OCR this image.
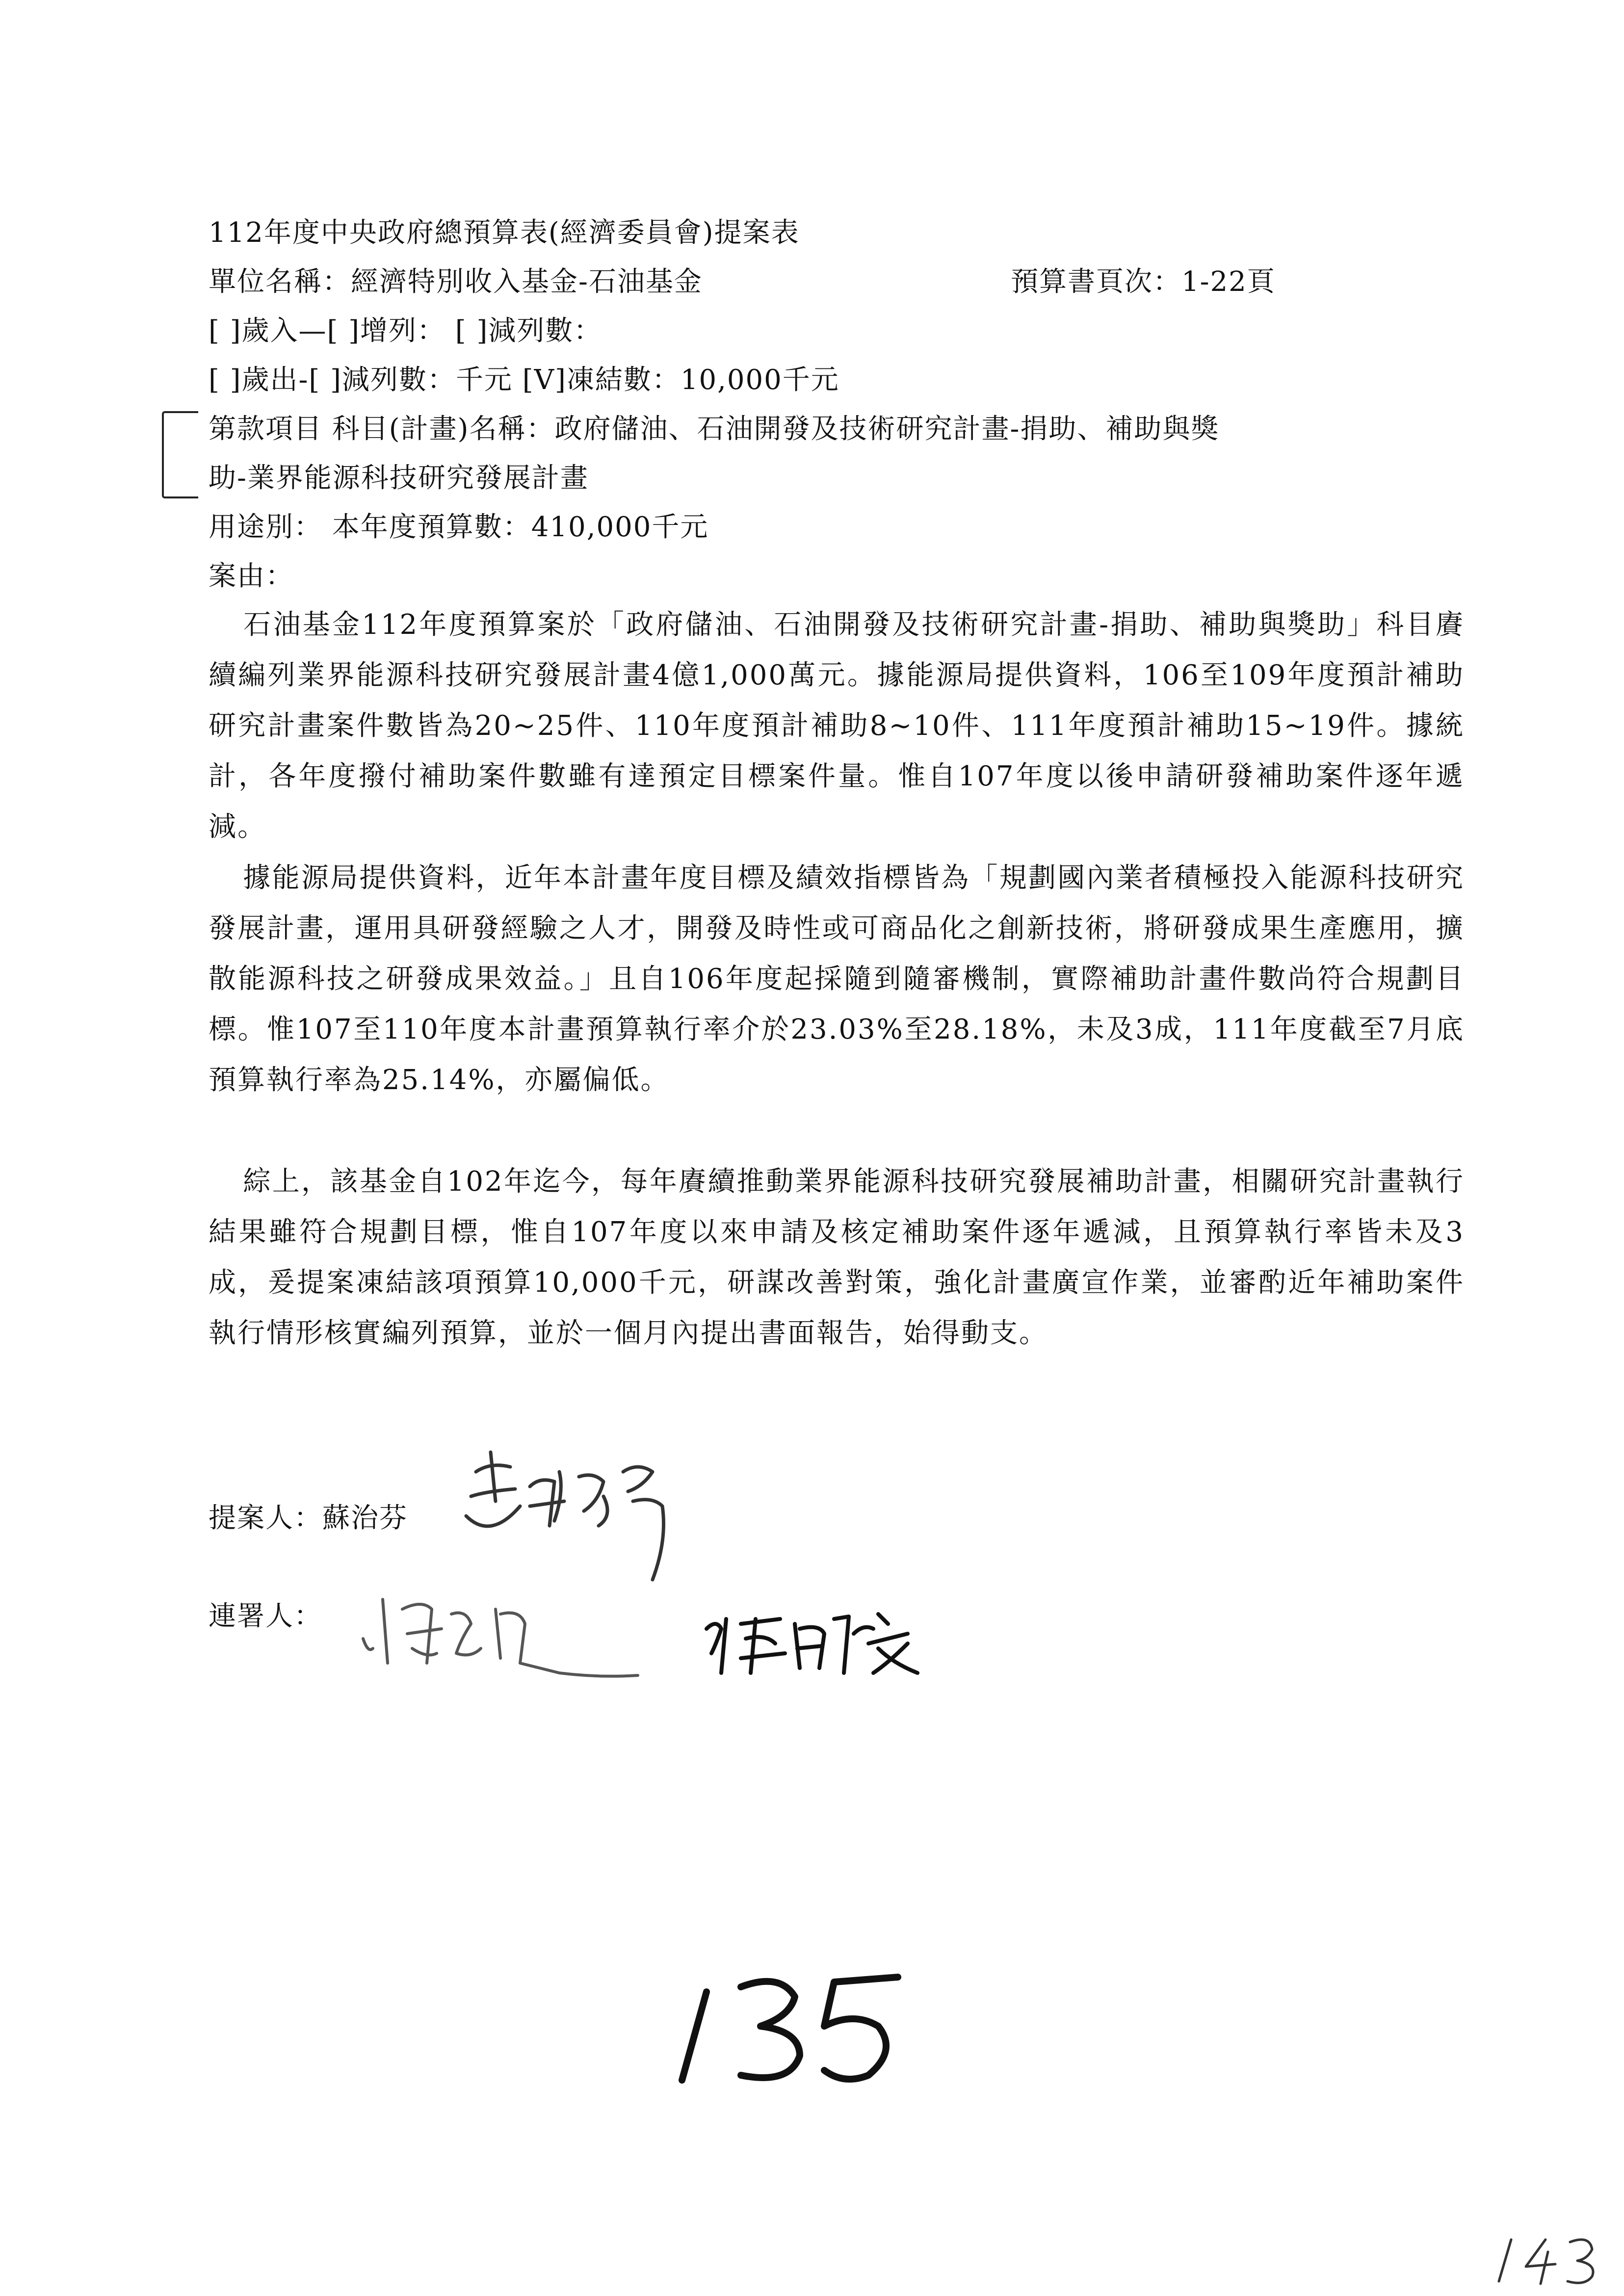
112年度中央政府總預算表(經濟委員會)提案表
單位名稱：經濟特別收入基金-石油基金	預算書頁次：1-22頁
[ ]歲入—[ ]增列： [ ]減列數：
[ ]歲出-[ ]減列數：千元 [V]凍結數：10,000千元
第款項目 科目(計畫)名稱：政府儲油、石油開發及技術研究計畫-捐助、補助與獎
助-業界能源科技研究發展計畫
用途別： 本年度預算數：410,000千元
案由：
石油基金112年度預算案於「政府儲油、石油開發及技術研究計畫-捐助、補助與獎助」科目賡續編列業界能源科技研究發展計畫4億1,000萬元。據能源局提供資料，106至109年度預計補助研究計畫案件數皆為20~25件、110年度預計補助8~10件、111年度預計補助15~19件。據統計，各年度撥付補助案件數雖有達預定目標案件量。惟自107年度以後申請研發補助案件逐年遞減。
據能源局提供資料，近年本計畫年度目標及績效指標皆為「規劃國內業者積極投入能源科技研究發展計畫，運用具研發經驗之人才，開發及時性或可商品化之創新技術，將研發成果生產應用，擴散能源科技之研發成果效益。」且自106年度起採隨到隨審機制，實際補助計畫件數尚符合規劃目標。惟107至110年度本計畫預算執行率介於23.03%至28.18%，未及3成，111年度截至7月底預算執行率為25.14%，亦屬偏低。
綜上，該基金自102年迄今，每年賡續推動業界能源科技研究發展補助計畫，相關研究計畫執行結果雖符合規劃目標，惟自107年度以來申請及核定補助案件逐年遞減，且預算執行率皆未及3成，爰提案凍結該項預算10,000千元，研謀改善對策，強化計畫廣宣作業，並審酌近年補助案件執行情形核實編列預算，並於一個月內提出書面報告，始得動支。
提案人：蘇治芬
連署人：
